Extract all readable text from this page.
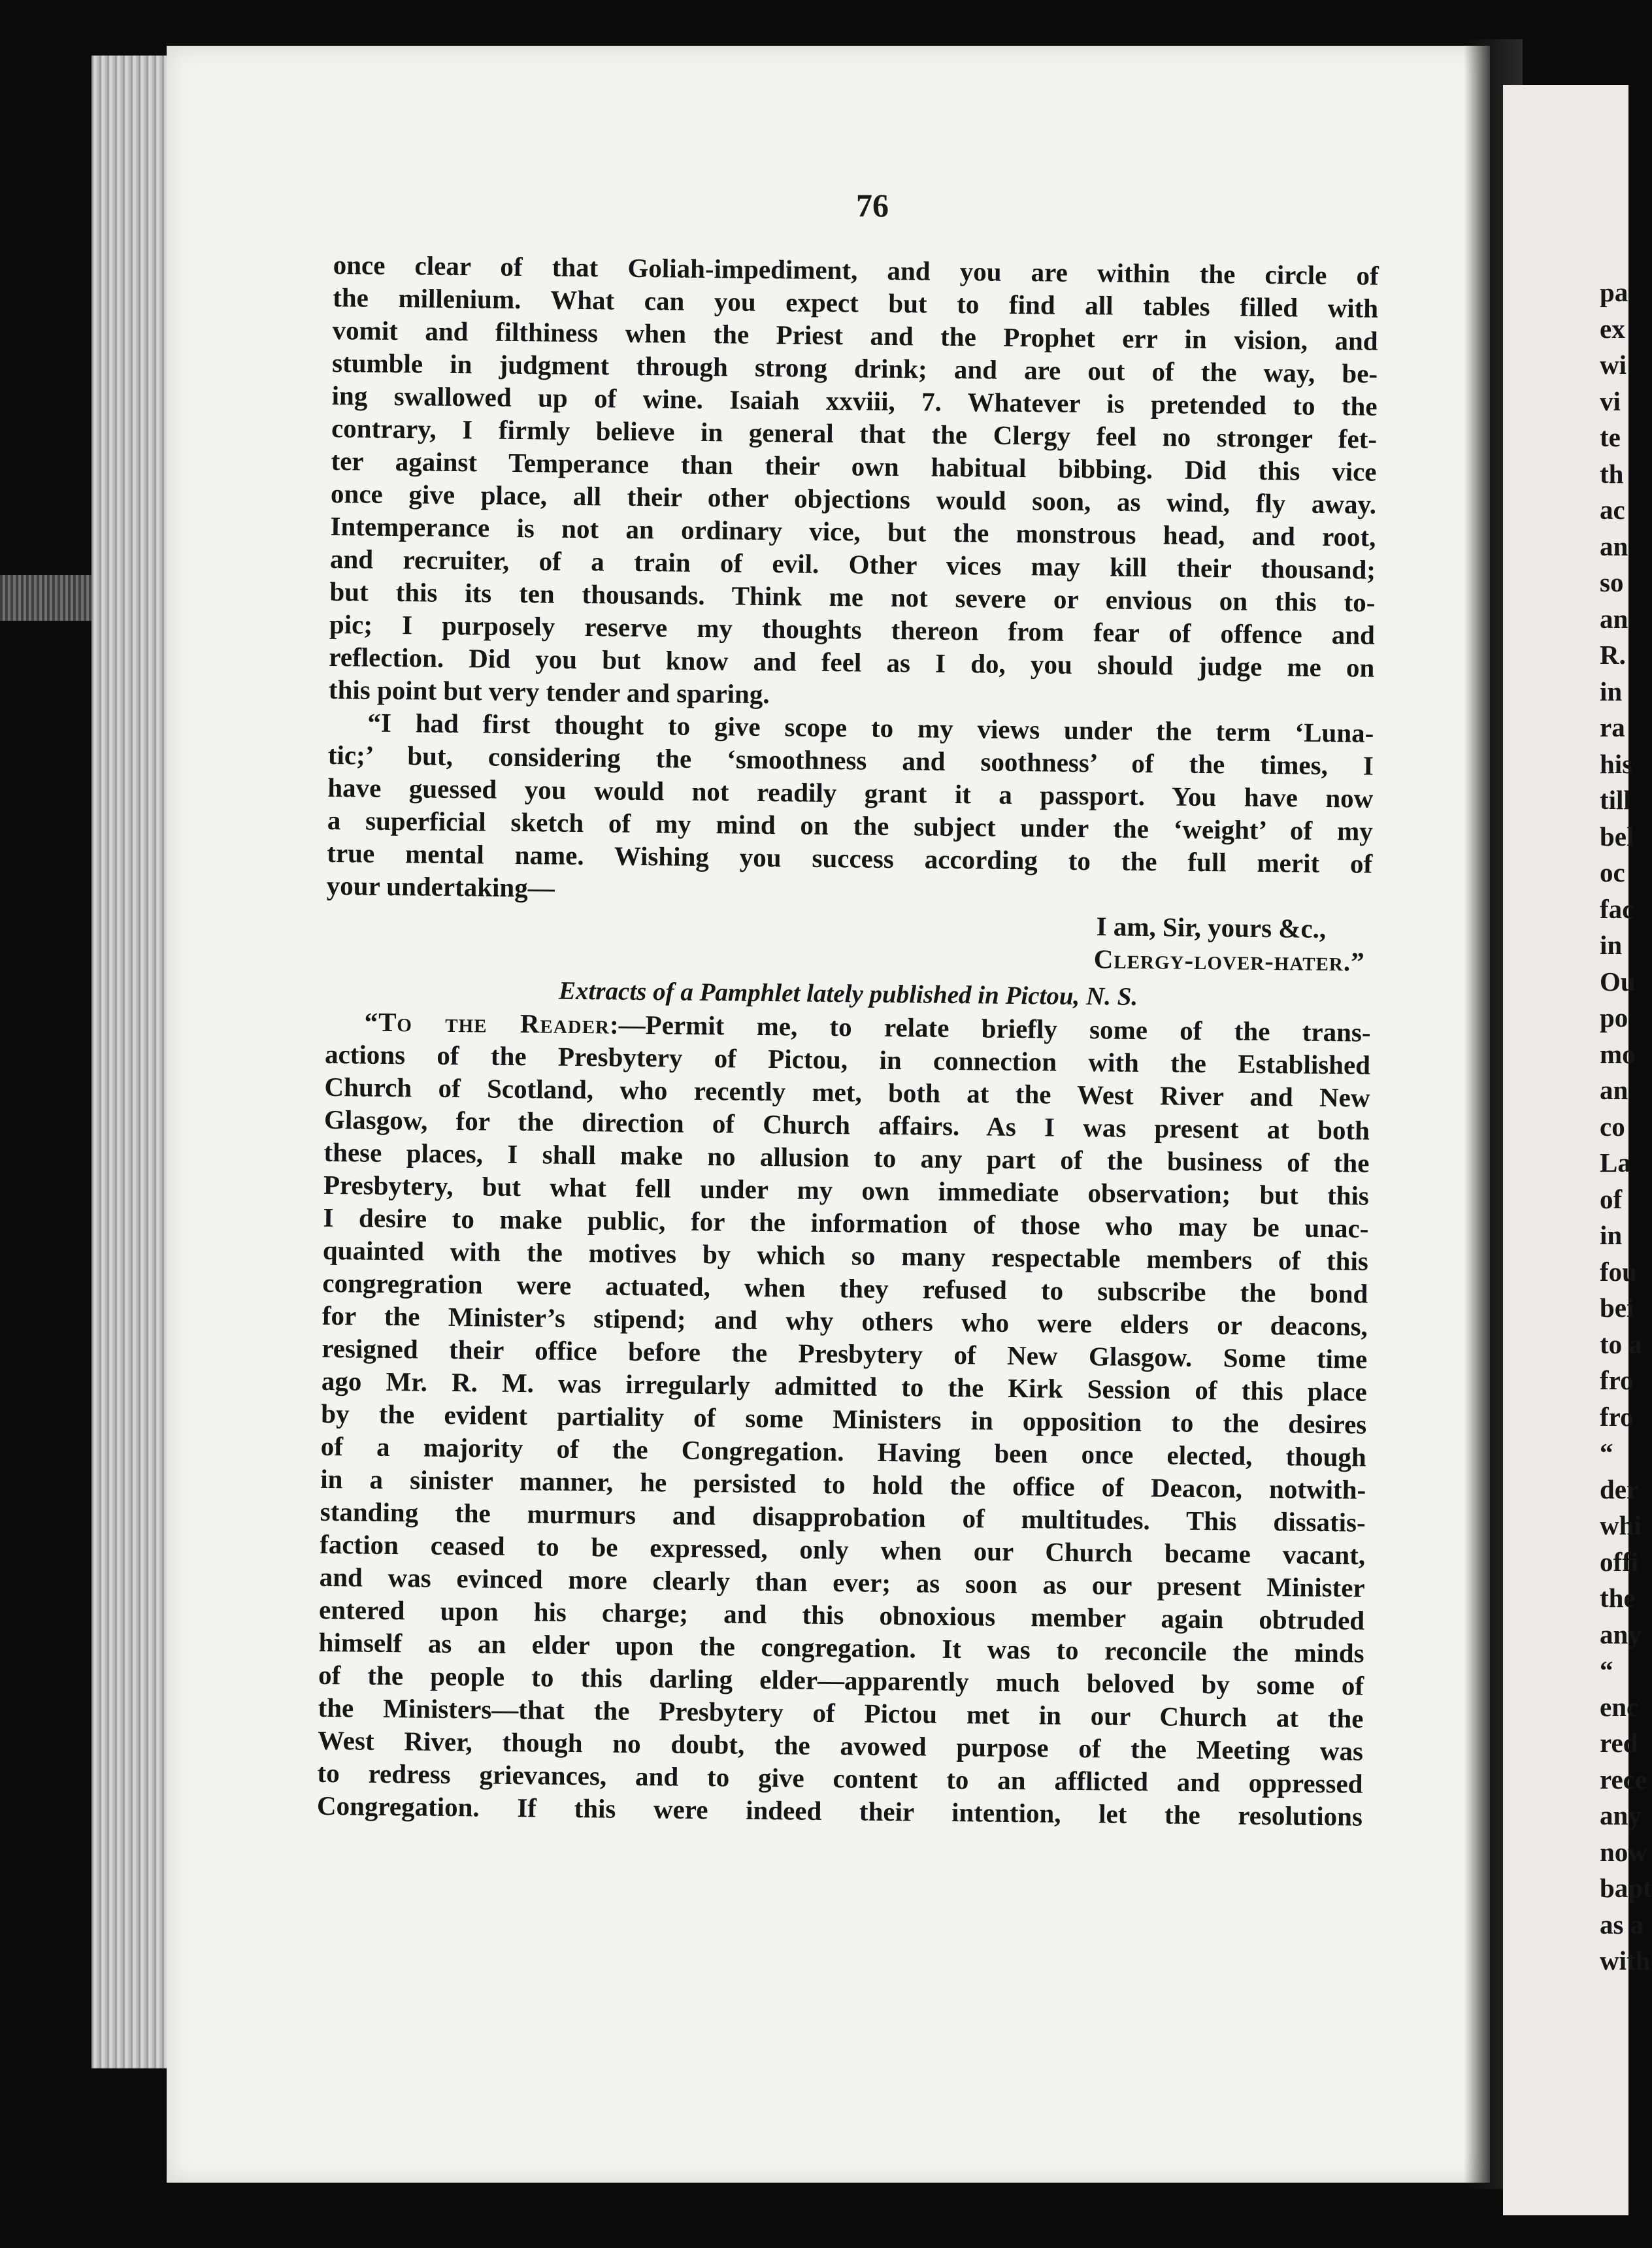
76
once clear of that Goliah-impediment, and you are within the circle of
the millenium. What can you expect but to find all tables filled with
vomit and filthiness when the Priest and the Prophet err in vision, and
stumble in judgment through strong drink; and are out of the way, be-
ing swallowed up of wine. Isaiah xxviii, 7. Whatever is pretended to the
contrary, I firmly believe in general that the Clergy feel no stronger fet-
ter against Temperance than their own habitual bibbing. Did this vice
once give place, all their other objections would soon, as wind, fly away.
Intemperance is not an ordinary vice, but the monstrous head, and root,
and recruiter, of a train of evil. Other vices may kill their thousand;
but this its ten thousands. Think me not severe or envious on this to-
pic; I purposely reserve my thoughts thereon from fear of offence and
reflection. Did you but know and feel as I do, you should judge me on
this point but very tender and sparing.
“I had first thought to give scope to my views under the term ‘Luna-
tic;’ but, considering the ‘smoothness and soothness’ of the times, I
have guessed you would not readily grant it a passport. You have now
a superficial sketch of my mind on the subject under the ‘weight’ of my
true mental name. Wishing you success according to the full merit of
your undertaking—
I am, Sir, yours &c.,
Clergy-lover-hater.”
Extracts of a Pamphlet lately published in Pictou, N. S.
“To the Reader:—Permit me, to relate briefly some of the trans-
actions of the Presbytery of Pictou, in connection with the Established
Church of Scotland, who recently met, both at the West River and New
Glasgow, for the direction of Church affairs. As I was present at both
these places, I shall make no allusion to any part of the business of the
Presbytery, but what fell under my own immediate observation; but this
I desire to make public, for the information of those who may be unac-
quainted with the motives by which so many respectable members of this
congregration were actuated, when they refused to subscribe the bond
for the Minister’s stipend; and why others who were elders or deacons,
resigned their office before the Presbytery of New Glasgow. Some time
ago Mr. R. M. was irregularly admitted to the Kirk Session of this place
by the evident partiality of some Ministers in opposition to the desires
of a majority of the Congregation. Having been once elected, though
in a sinister manner, he persisted to hold the office of Deacon, notwith-
standing the murmurs and disapprobation of multitudes. This dissatis-
faction ceased to be expressed, only when our Church became vacant,
and was evinced more clearly than ever; as soon as our present Minister
entered upon his charge; and this obnoxious member again obtruded
himself as an elder upon the congregation. It was to reconcile the minds
of the people to this darling elder—apparently much beloved by some of
the Ministers—that the Presbytery of Pictou met in our Church at the
West River, though no doubt, the avowed purpose of the Meeting was
to redress grievances, and to give content to an afflicted and oppressed
Congregation. If this were indeed their intention, let the resolutions
pa
ex
wi
vi
te
th
ac
an
so
an
R.
in
ra
his
till
bel
oc
fac
in
Ou
po
mo
an
co
La
of
in
fou
bei
to a
fro
fro
“
der
whi
offi
the
any
“
enc
red
rece
any
now
bapt
as a
with
